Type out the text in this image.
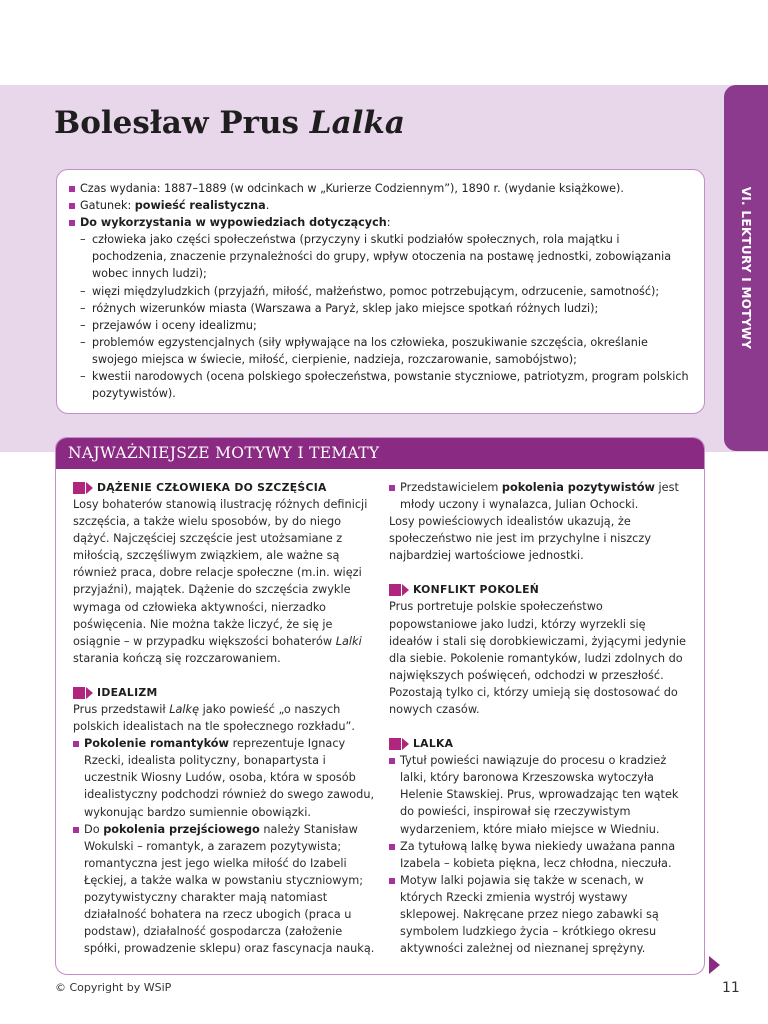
Bolesław Prus Lalka
VI. LEKTURY I MOTYWY
Czas wydania: 1887–1889 (w odcinkach w „Kurierze Codziennym”), 1890 r. (wydanie książkowe).
Gatunek: powieść realistyczna.
Do wykorzystania w wypowiedziach dotyczących:
– człowieka jako części społeczeństwa (przyczyny i skutki podziałów społecznych, rola majątku i pochodzenia, znaczenie przynależności do grupy, wpływ otoczenia na postawę jednostki, zobowiązania wobec innych ludzi);
– więzi międzyludzkich (przyjaźń, miłość, małżeństwo, pomoc potrzebującym, odrzucenie, samotność);
– różnych wizerunków miasta (Warszawa a Paryż, sklep jako miejsce spotkań różnych ludzi);
– przejawów i oceny idealizmu;
– problemów egzystencjalnych (siły wpływające na los człowieka, poszukiwanie szczęścia, określanie swojego miejsca w świecie, miłość, cierpienie, nadzieja, rozczarowanie, samobójstwo);
– kwestii narodowych (ocena polskiego społeczeństwa, powstanie styczniowe, patriotyzm, program polskich pozytywistów).
NAJWAŻNIEJSZE MOTYWY I TEMATY
DĄŻENIE CZŁOWIEKA DO SZCZĘŚCIA
Losy bohaterów stanowią ilustrację różnych definicji szczęścia, a także wielu sposobów, by do niego dążyć. Najczęściej szczęście jest utożsamiane z miłością, szczęśliwym związkiem, ale ważne są również praca, dobre relacje społeczne (m.in. więzi przyjaźni), majątek. Dążenie do szczęścia zwykle wymaga od człowieka aktywności, nierzadko poświęcenia. Nie można także liczyć, że się je osiągnie – w przypadku większości bohaterów Lalki starania kończą się rozczarowaniem.
IDEALIZM
Prus przedstawił Lalkę jako powieść „o naszych polskich idealistach na tle społecznego rozkładu”.
Pokolenie romantyków reprezentuje Ignacy Rzecki, idealista polityczny, bonapartysta i uczestnik Wiosny Ludów, osoba, która w sposób idealistyczny podchodzi również do swego zawodu, wykonując bardzo sumiennie obowiązki.
Do pokolenia przejściowego należy Stanisław Wokulski – romantyk, a zarazem pozytywista; romantyczna jest jego wielka miłość do Izabeli Łęckiej, a także walka w powstaniu styczniowym; pozytywistyczny charakter mają natomiast działalność bohatera na rzecz ubogich (praca u podstaw), działalność gospodarcza (założenie spółki, prowadzenie sklepu) oraz fascynacja nauką.
Przedstawicielem pokolenia pozytywistów jest młody uczony i wynalazca, Julian Ochocki.
Losy powieściowych idealistów ukazują, że społeczeństwo nie jest im przychylne i niszczy najbardziej wartościowe jednostki.
KONFLIKT POKOLEŃ
Prus portretuje polskie społeczeństwo popowstaniowe jako ludzi, którzy wyrzekli się ideałów i stali się dorobkiewiczami, żyjącymi jedynie dla siebie. Pokolenie romantyków, ludzi zdolnych do największych poświęceń, odchodzi w przeszłość. Pozostają tylko ci, którzy umieją się dostosować do nowych czasów.
LALKA
Tytuł powieści nawiązuje do procesu o kradzież lalki, który baronowa Krzeszowska wytoczyła Helenie Stawskiej. Prus, wprowadzając ten wątek do powieści, inspirował się rzeczywistym wydarzeniem, które miało miejsce w Wiedniu.
Za tytułową lalkę bywa niekiedy uważana panna Izabela – kobieta piękna, lecz chłodna, nieczuła.
Motyw lalki pojawia się także w scenach, w których Rzecki zmienia wystrój wystawy sklepowej. Nakręcane przez niego zabawki są symbolem ludzkiego życia – krótkiego okresu aktywności zależnej od nieznanej sprężyny.
© Copyright by WSiP	11
